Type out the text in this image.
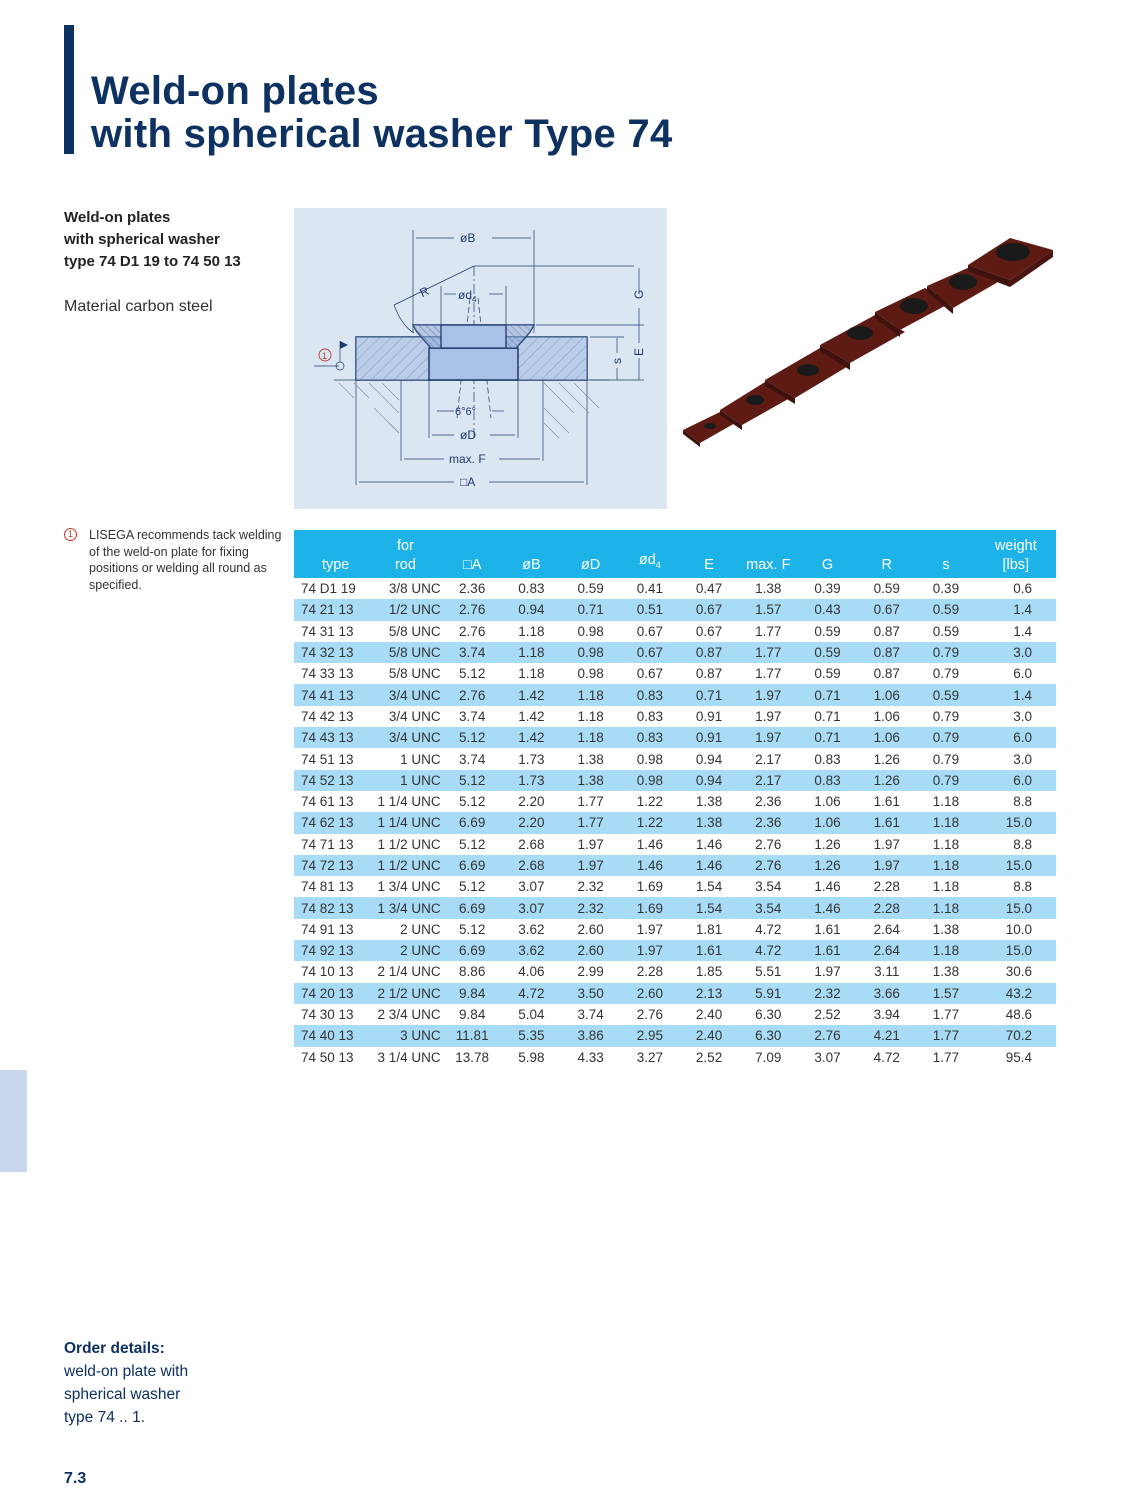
Weld-on plates
with spherical washer Type 74
Weld-on plates
with spherical washer
type 74 D1 19 to 74 50 13
Material carbon steel
1	LISEGA recommends tack welding of the weld-on plate for fixing positions or welding all round as specified.
øB
R $ød_4$
G
E
s
6°6°
øD
max. F
□A
1
type	for
rod	□A	øB	øD	$ød_4$	E	max. F	G	R	s	weight
[lbs]

74 D1 19	3/8 UNC	2.36	0.83	0.59	0.41	0.47	1.38	0.39	0.59	0.39	0.6
74 21 13	1/2 UNC	2.76	0.94	0.71	0.51	0.67	1.57	0.43	0.67	0.59	1.4
74 31 13	5/8 UNC	2.76	1.18	0.98	0.67	0.67	1.77	0.59	0.87	0.59	1.4
74 32 13	5/8 UNC	3.74	1.18	0.98	0.67	0.87	1.77	0.59	0.87	0.79	3.0
74 33 13	5/8 UNC	5.12	1.18	0.98	0.67	0.87	1.77	0.59	0.87	0.79	6.0
74 41 13	3/4 UNC	2.76	1.42	1.18	0.83	0.71	1.97	0.71	1.06	0.59	1.4
74 42 13	3/4 UNC	3.74	1.42	1.18	0.83	0.91	1.97	0.71	1.06	0.79	3.0
74 43 13	3/4 UNC	5.12	1.42	1.18	0.83	0.91	1.97	0.71	1.06	0.79	6.0
74 51 13	1 UNC	3.74	1.73	1.38	0.98	0.94	2.17	0.83	1.26	0.79	3.0
74 52 13	1 UNC	5.12	1.73	1.38	0.98	0.94	2.17	0.83	1.26	0.79	6.0
74 61 13	1 1/4 UNC	5.12	2.20	1.77	1.22	1.38	2.36	1.06	1.61	1.18	8.8
74 62 13	1 1/4 UNC	6.69	2.20	1.77	1.22	1.38	2.36	1.06	1.61	1.18	15.0
74 71 13	1 1/2 UNC	5.12	2.68	1.97	1.46	1.46	2.76	1.26	1.97	1.18	8.8
74 72 13	1 1/2 UNC	6.69	2.68	1.97	1.46	1.46	2.76	1.26	1.97	1.18	15.0
74 81 13	1 3/4 UNC	5.12	3.07	2.32	1.69	1.54	3.54	1.46	2.28	1.18	8.8
74 82 13	1 3/4 UNC	6.69	3.07	2.32	1.69	1.54	3.54	1.46	2.28	1.18	15.0
74 91 13	2 UNC	5.12	3.62	2.60	1.97	1.81	4.72	1.61	2.64	1.38	10.0
74 92 13	2 UNC	6.69	3.62	2.60	1.97	1.61	4.72	1.61	2.64	1.18	15.0
74 10 13	2 1/4 UNC	8.86	4.06	2.99	2.28	1.85	5.51	1.97	3.11	1.38	30.6
74 20 13	2 1/2 UNC	9.84	4.72	3.50	2.60	2.13	5.91	2.32	3.66	1.57	43.2
74 30 13	2 3/4 UNC	9.84	5.04	3.74	2.76	2.40	6.30	2.52	3.94	1.77	48.6
74 40 13	3 UNC	11.81	5.35	3.86	2.95	2.40	6.30	2.76	4.21	1.77	70.2
74 50 13	3 1/4 UNC	13.78	5.98	4.33	3.27	2.52	7.09	3.07	4.72	1.77	95.4
Order details:
weld-on plate with
spherical washer
type 74 .. 1.
7.3
